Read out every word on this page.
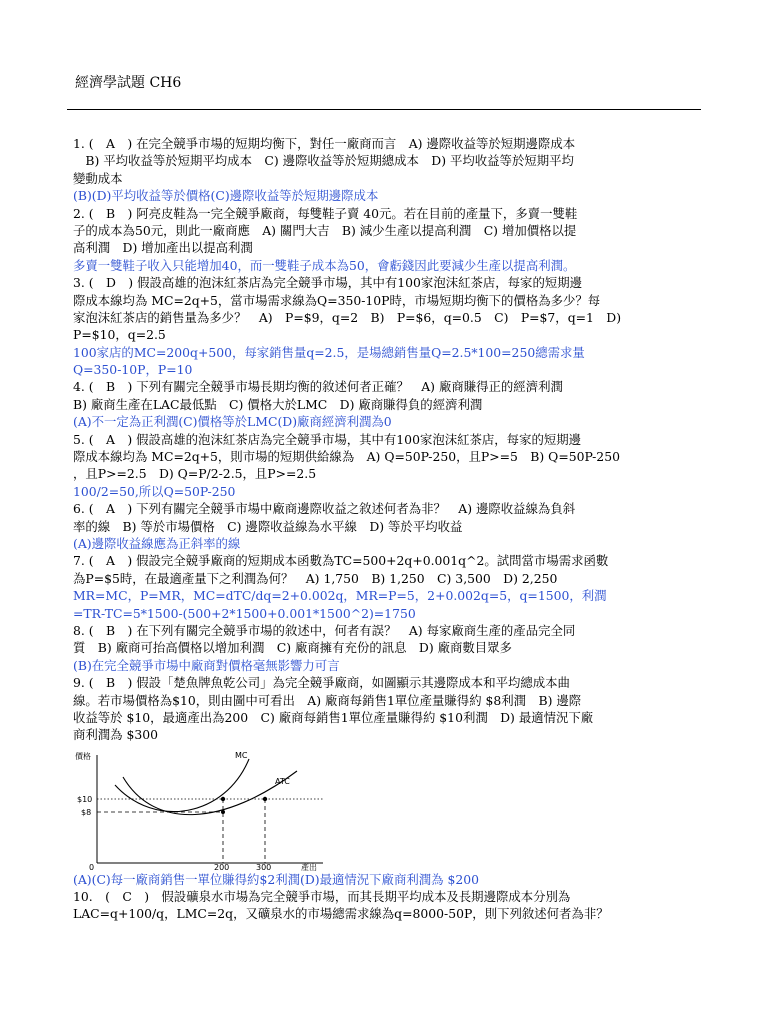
經濟學試題 CH6
1. (　A　) 在完全競爭市場的短期均衡下，對任一廠商而言　A) 邊際收益等於短期邊際成本
　B) 平均收益等於短期平均成本　C) 邊際收益等於短期總成本　D) 平均收益等於短期平均
變動成本
(B)(D)平均收益等於價格(C)邊際收益等於短期邊際成本
2. (　B　) 阿亮皮鞋為一完全競爭廠商，每雙鞋子賣 40元。若在目前的產量下，多賣一雙鞋
子的成本為50元，則此一廠商應　A) 關門大吉　B) 減少生產以提高利潤　C) 增加價格以提
高利潤　D) 增加產出以提高利潤
多賣一雙鞋子收入只能增加40，而一雙鞋子成本為50，會虧錢因此要減少生產以提高利潤。
3. (　D　) 假設高雄的泡沫紅茶店為完全競爭市場，其中有100家泡沫紅茶店，每家的短期邊
際成本線均為 MC=2q+5，當市場需求線為Q=350-10P時，市場短期均衡下的價格為多少？每
家泡沫紅茶店的銷售量為多少？　A)　P=$9，q=2　B)　P=$6，q=0.5　C)　P=$7，q=1　D)
P=$10，q=2.5
100家店的MC=200q+500，每家銷售量q=2.5，是場總銷售量Q=2.5*100=250總需求量
Q=350-10P，P=10
4. (　B　) 下列有關完全競爭市場長期均衡的敘述何者正確？　A) 廠商賺得正的經濟利潤
B) 廠商生產在LAC最低點　C) 價格大於LMC　D) 廠商賺得負的經濟利潤
(A)不一定為正利潤(C)價格等於LMC(D)廠商經濟利潤為0
5. (　A　) 假設高雄的泡沫紅茶店為完全競爭市場，其中有100家泡沫紅茶店，每家的短期邊
際成本線均為 MC=2q+5，則市場的短期供給線為　A) Q=50P-250，且P>=5　B) Q=50P-250
，且P>=2.5　D) Q=P/2-2.5，且P>=2.5
100/2=50,所以Q=50P-250
6. (　A　) 下列有關完全競爭市場中廠商邊際收益之敘述何者為非？　A) 邊際收益線為負斜
率的線　B) 等於市場價格　C) 邊際收益線為水平線　D) 等於平均收益
(A)邊際收益線應為正斜率的線
7. (　A　) 假設完全競爭廠商的短期成本函數為TC=500+2q+0.001q^2。試問當市場需求函數
為P=$5時，在最適產量下之利潤為何？　A) 1,750　B) 1,250　C) 3,500　D) 2,250
MR=MC，P=MR，MC=dTC/dq=2+0.002q，MR=P=5，2+0.002q=5，q=1500，利潤
=TR-TC=5*1500-(500+2*1500+0.001*1500^2)=1750
8. (　B　) 在下列有關完全競爭市場的敘述中，何者有誤？　A) 每家廠商生產的產品完全同
質　B) 廠商可抬高價格以增加利潤　C) 廠商擁有充份的訊息　D) 廠商數目眾多
(B)在完全競爭市場中廠商對價格毫無影響力可言
9. (　B　) 假設「楚魚牌魚乾公司」為完全競爭廠商，如圖顯示其邊際成本和平均總成本曲
線。若市場價格為$10，則由圖中可看出　A) 廠商每銷售1單位產量賺得約 $8利潤　B) 邊際
收益等於 $10，最適產出為200　C) 廠商每銷售1單位產量賺得約 $10利潤　D) 最適情況下廠
商利潤為 $300
價格	MC
ATC
$10
$8
0	200	300	產出
(A)(C)每一廠商銷售一單位賺得約$2利潤(D)最適情況下廠商利潤為 $200
10.　(　C　)　假設礦泉水市場為完全競爭市場，而其長期平均成本及長期邊際成本分別為
LAC=q+100/q，LMC=2q，又礦泉水的市場總需求線為q=8000-50P，則下列敘述何者為非？
